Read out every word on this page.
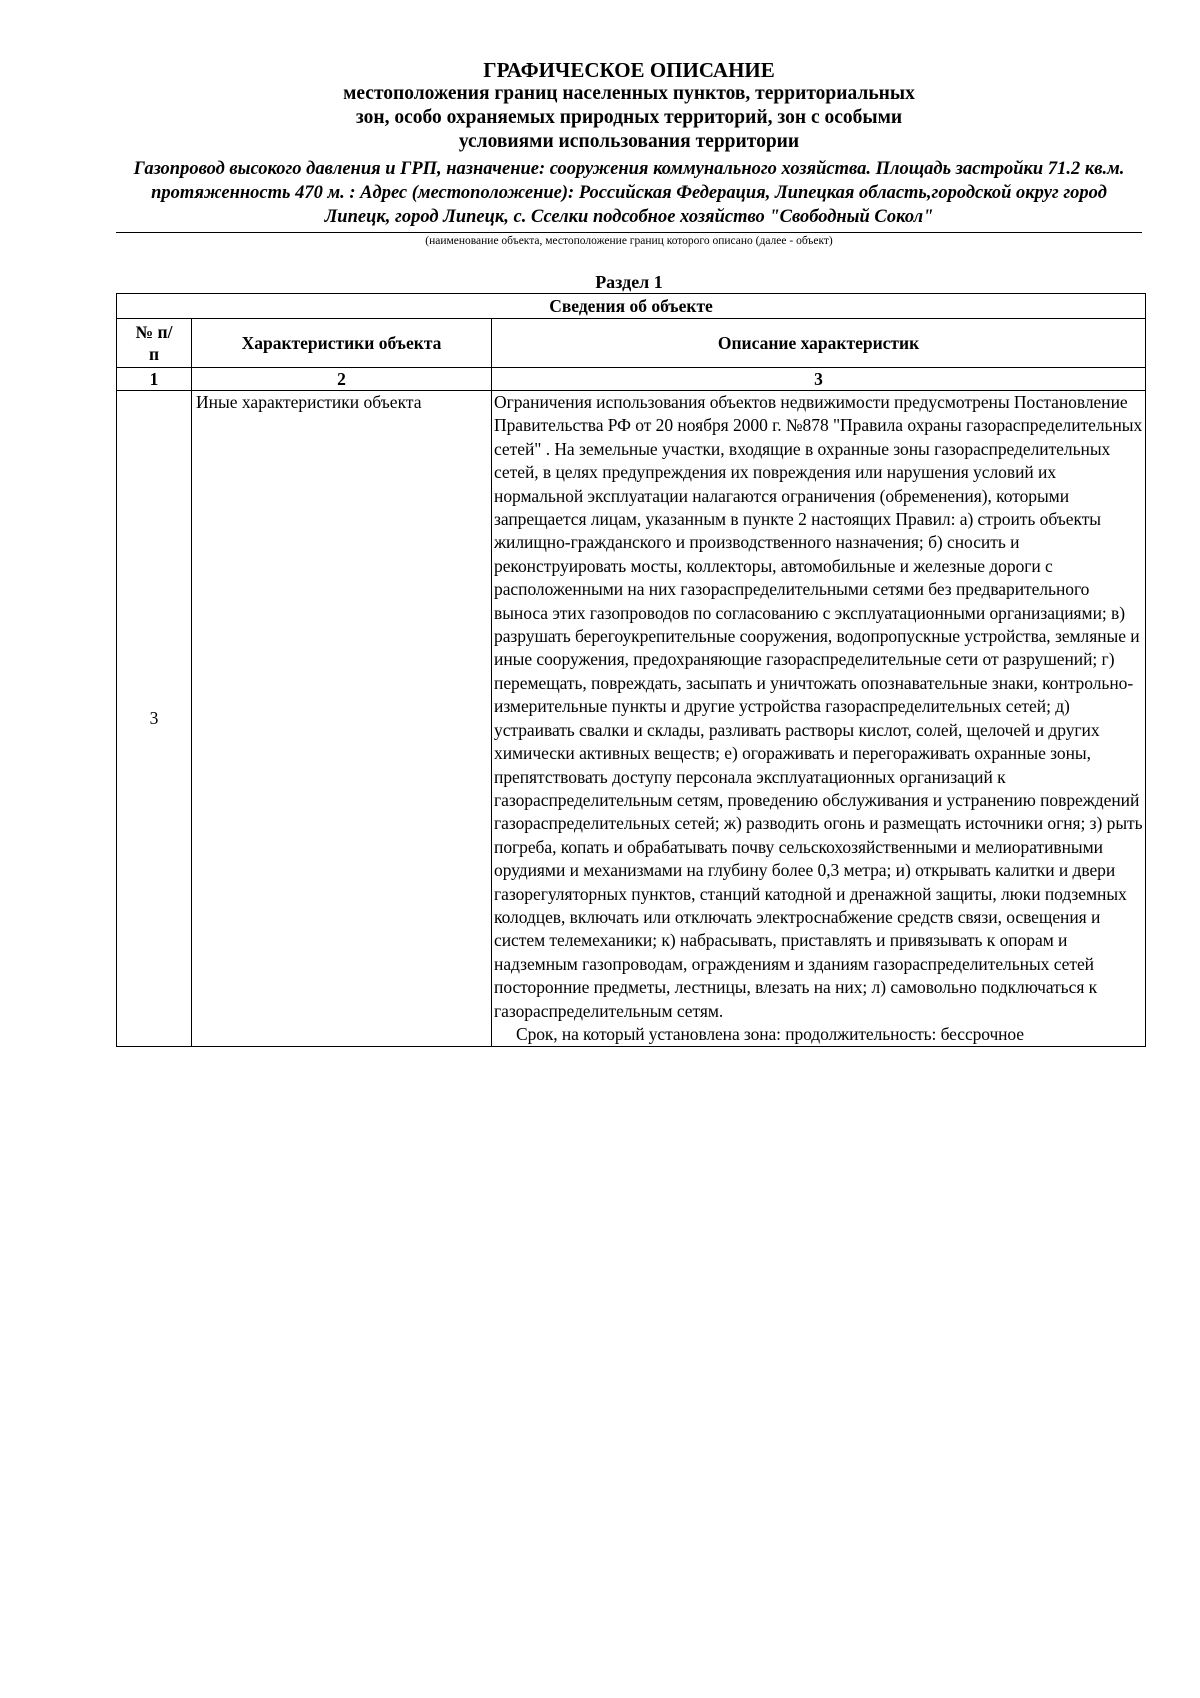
ГРАФИЧЕСКОЕ ОПИСАНИЕ
местоположения границ населенных пунктов, территориальных
зон, особо охраняемых природных территорий, зон с особыми
условиями использования территории
Газопровод высокого давления и ГРП, назначение: сооружения коммунального хозяйства. Площадь застройки 71.2 кв.м. протяженность 470 м. : Адрес (местоположение): Российская Федерация, Липецкая область,городской округ город Липецк, город Липецк, с. Сселки подсобное хозяйство "Свободный Сокол"
(наименование объекта, местоположение границ которого описано (далее - объект)
Раздел 1
Сведения об объекте		
№ п/п	Характеристики объекта	Описание характеристик
1	2	3
3	Иные характеристики объекта	Ограничения использования объектов недвижимости предусмотрены Постановление Правительства РФ от 20 ноября 2000 г. №878 "Правила охраны газораспределительных сетей" . На земельные участки, входящие в охранные зоны газораспределительных сетей, в целях предупреждения их повреждения или нарушения условий их нормальной эксплуатации налагаются ограничения (обременения), которыми запрещается лицам, указанным в пункте 2 настоящих Правил: а) строить объекты жилищно-гражданского и производственного назначения; б) сносить и реконструировать мосты, коллекторы, автомобильные и железные дороги с расположенными на них газораспределительными сетями без предварительного выноса этих газопроводов по согласованию с эксплуатационными организациями; в) разрушать берегоукрепительные сооружения, водопропускные устройства, земляные и иные сооружения, предохраняющие газораспределительные сети от разрушений; г) перемещать, повреждать, засыпать и уничтожать опознавательные знаки, контрольно-измерительные пункты и другие устройства газораспределительных сетей; д) устраивать свалки и склады, разливать растворы кислот, солей, щелочей и других химически активных веществ; е) огораживать и перегораживать охранные зоны, препятствовать доступу персонала эксплуатационных организаций к газораспределительным сетям, проведению обслуживания и устранению повреждений газораспределительных сетей; ж) разводить огонь и размещать источники огня; з) рыть погреба, копать и обрабатывать почву сельскохозяйственными и мелиоративными орудиями и механизмами на глубину более 0,3 метра; и) открывать калитки и двери газорегуляторных пунктов, станций катодной и дренажной защиты, люки подземных колодцев, включать или отключать электроснабжение средств связи, освещения и систем телемеханики; к) набрасывать, приставлять и привязывать к опорам и надземным газопроводам, ограждениям и зданиям газораспределительных сетей посторонние предметы, лестницы, влезать на них; л) самовольно подключаться к газораспределительным сетям.
Срок, на который установлена зона: продолжительность: бессрочное
